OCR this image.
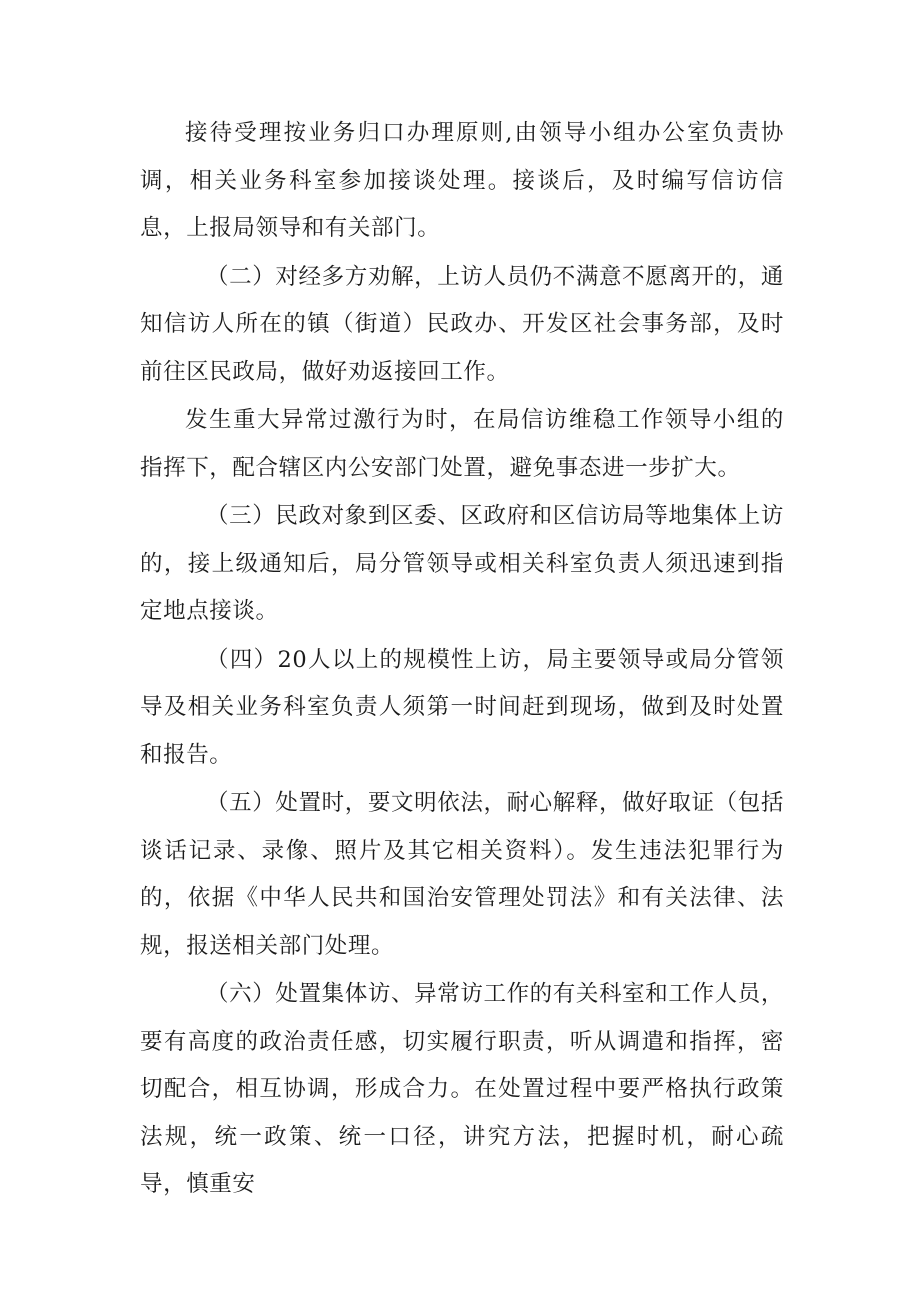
接待受理按业务归口办理原则,由领导小组办公室负责协调，相关业务科室参加接谈处理。接谈后，及时编写信访信息，上报局领导和有关部门。

（二）对经多方劝解，上访人员仍不满意不愿离开的，通知信访人所在的镇（街道）民政办、开发区社会事务部，及时前往区民政局，做好劝返接回工作。

发生重大异常过激行为时，在局信访维稳工作领导小组的指挥下，配合辖区内公安部门处置，避免事态进一步扩大。

（三）民政对象到区委、区政府和区信访局等地集体上访的，接上级通知后，局分管领导或相关科室负责人须迅速到指定地点接谈。

（四）20人以上的规模性上访，局主要领导或局分管领导及相关业务科室负责人须第一时间赶到现场，做到及时处置和报告。

（五）处置时，要文明依法，耐心解释，做好取证（包括谈话记录、录像、照片及其它相关资料）。发生违法犯罪行为的，依据《中华人民共和国治安管理处罚法》和有关法律、法规，报送相关部门处理。

（六）处置集体访、异常访工作的有关科室和工作人员，要有高度的政治责任感，切实履行职责，听从调遣和指挥，密切配合，相互协调，形成合力。在处置过程中要严格执行政策法规，统一政策、统一口径，讲究方法，把握时机，耐心疏导，慎重安
